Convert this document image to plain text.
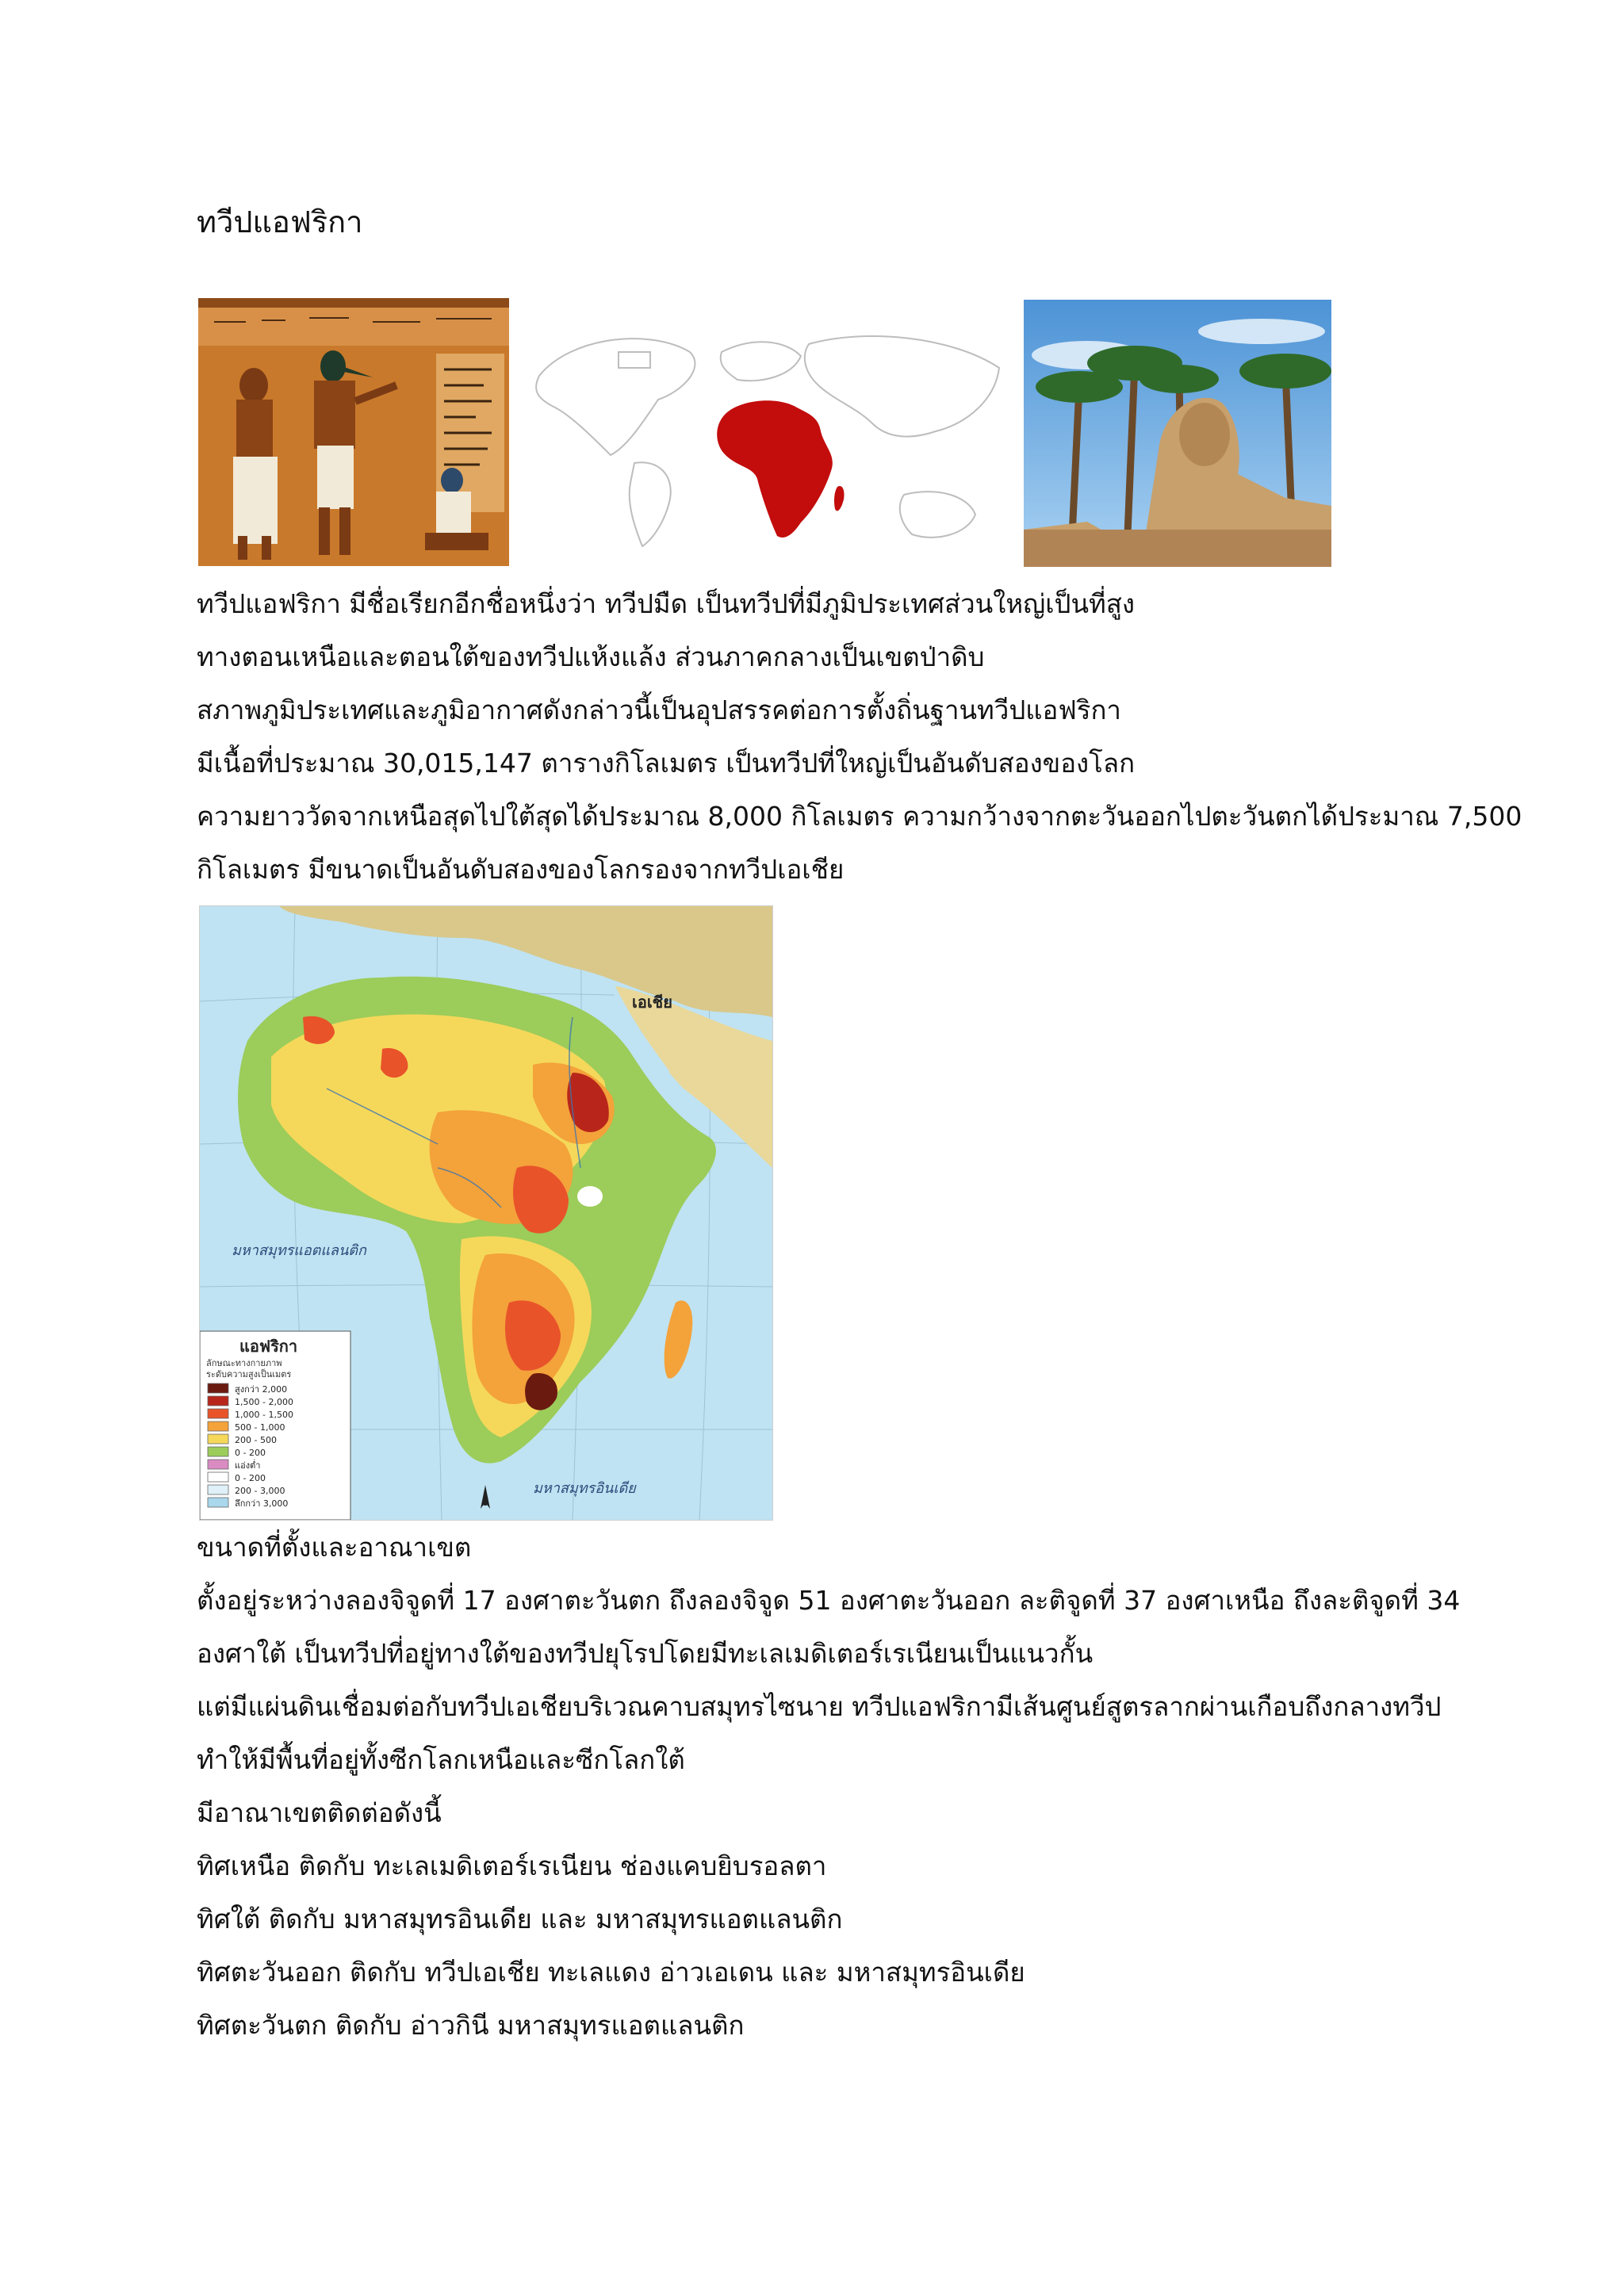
ทวีปแอฟริกา
ทวีปแอฟริกา มีชื่อเรียกอีกชื่อหนึ่งว่า ทวีปมืด เป็นทวีปที่มีภูมิประเทศส่วนใหญ่เป็นที่สูง
ทางตอนเหนือและตอนใต้ของทวีปแห้งแล้ง ส่วนภาคกลางเป็นเขตป่าดิบ
สภาพภูมิประเทศและภูมิอากาศดังกล่าวนี้เป็นอุปสรรคต่อการตั้งถิ่นฐานทวีปแอฟริกา
มีเนื้อที่ประมาณ 30,015,147 ตารางกิโลเมตร เป็นทวีปที่ใหญ่เป็นอันดับสองของโลก
ความยาววัดจากเหนือสุดไปใต้สุดได้ประมาณ 8,000 กิโลเมตร ความกว้างจากตะวันออกไปตะวันตกได้ประมาณ 7,500
กิโลเมตร มีขนาดเป็นอันดับสองของโลกรองจากทวีปเอเชีย
เอเชีย
มหาสมุทรแอตแลนติก
มหาสมุทรอินเดีย
แอฟริกา
ลักษณะทางกายภาพ
ระดับความสูงเป็นเมตร
สูงกว่า 2,000
1,500 - 2,000
1,000 - 1,500
500 - 1,000
200 - 500
0 - 200
แอ่งต่ำ
0 - 200
200 - 3,000
ลึกกว่า 3,000
ขนาดที่ตั้งและอาณาเขต
ตั้งอยู่ระหว่างลองจิจูดที่ 17 องศาตะวันตก ถึงลองจิจูด 51 องศาตะวันออก ละติจูดที่ 37 องศาเหนือ ถึงละติจูดที่ 34
องศาใต้ เป็นทวีปที่อยู่ทางใต้ของทวีปยุโรปโดยมีทะเลเมดิเตอร์เรเนียนเป็นแนวกั้น
แต่มีแผ่นดินเชื่อมต่อกับทวีปเอเชียบริเวณคาบสมุทรไซนาย ทวีปแอฟริกามีเส้นศูนย์สูตรลากผ่านเกือบถึงกลางทวีป
ทำให้มีพื้นที่อยู่ทั้งซีกโลกเหนือและซีกโลกใต้
มีอาณาเขตติดต่อดังนี้
ทิศเหนือ ติดกับ ทะเลเมดิเตอร์เรเนียน ช่องแคบยิบรอลตา
ทิศใต้ ติดกับ มหาสมุทรอินเดีย และ มหาสมุทรแอตแลนติก
ทิศตะวันออก ติดกับ ทวีปเอเชีย ทะเลแดง อ่าวเอเดน และ มหาสมุทรอินเดีย
ทิศตะวันตก ติดกับ อ่าวกินี มหาสมุทรแอตแลนติก
